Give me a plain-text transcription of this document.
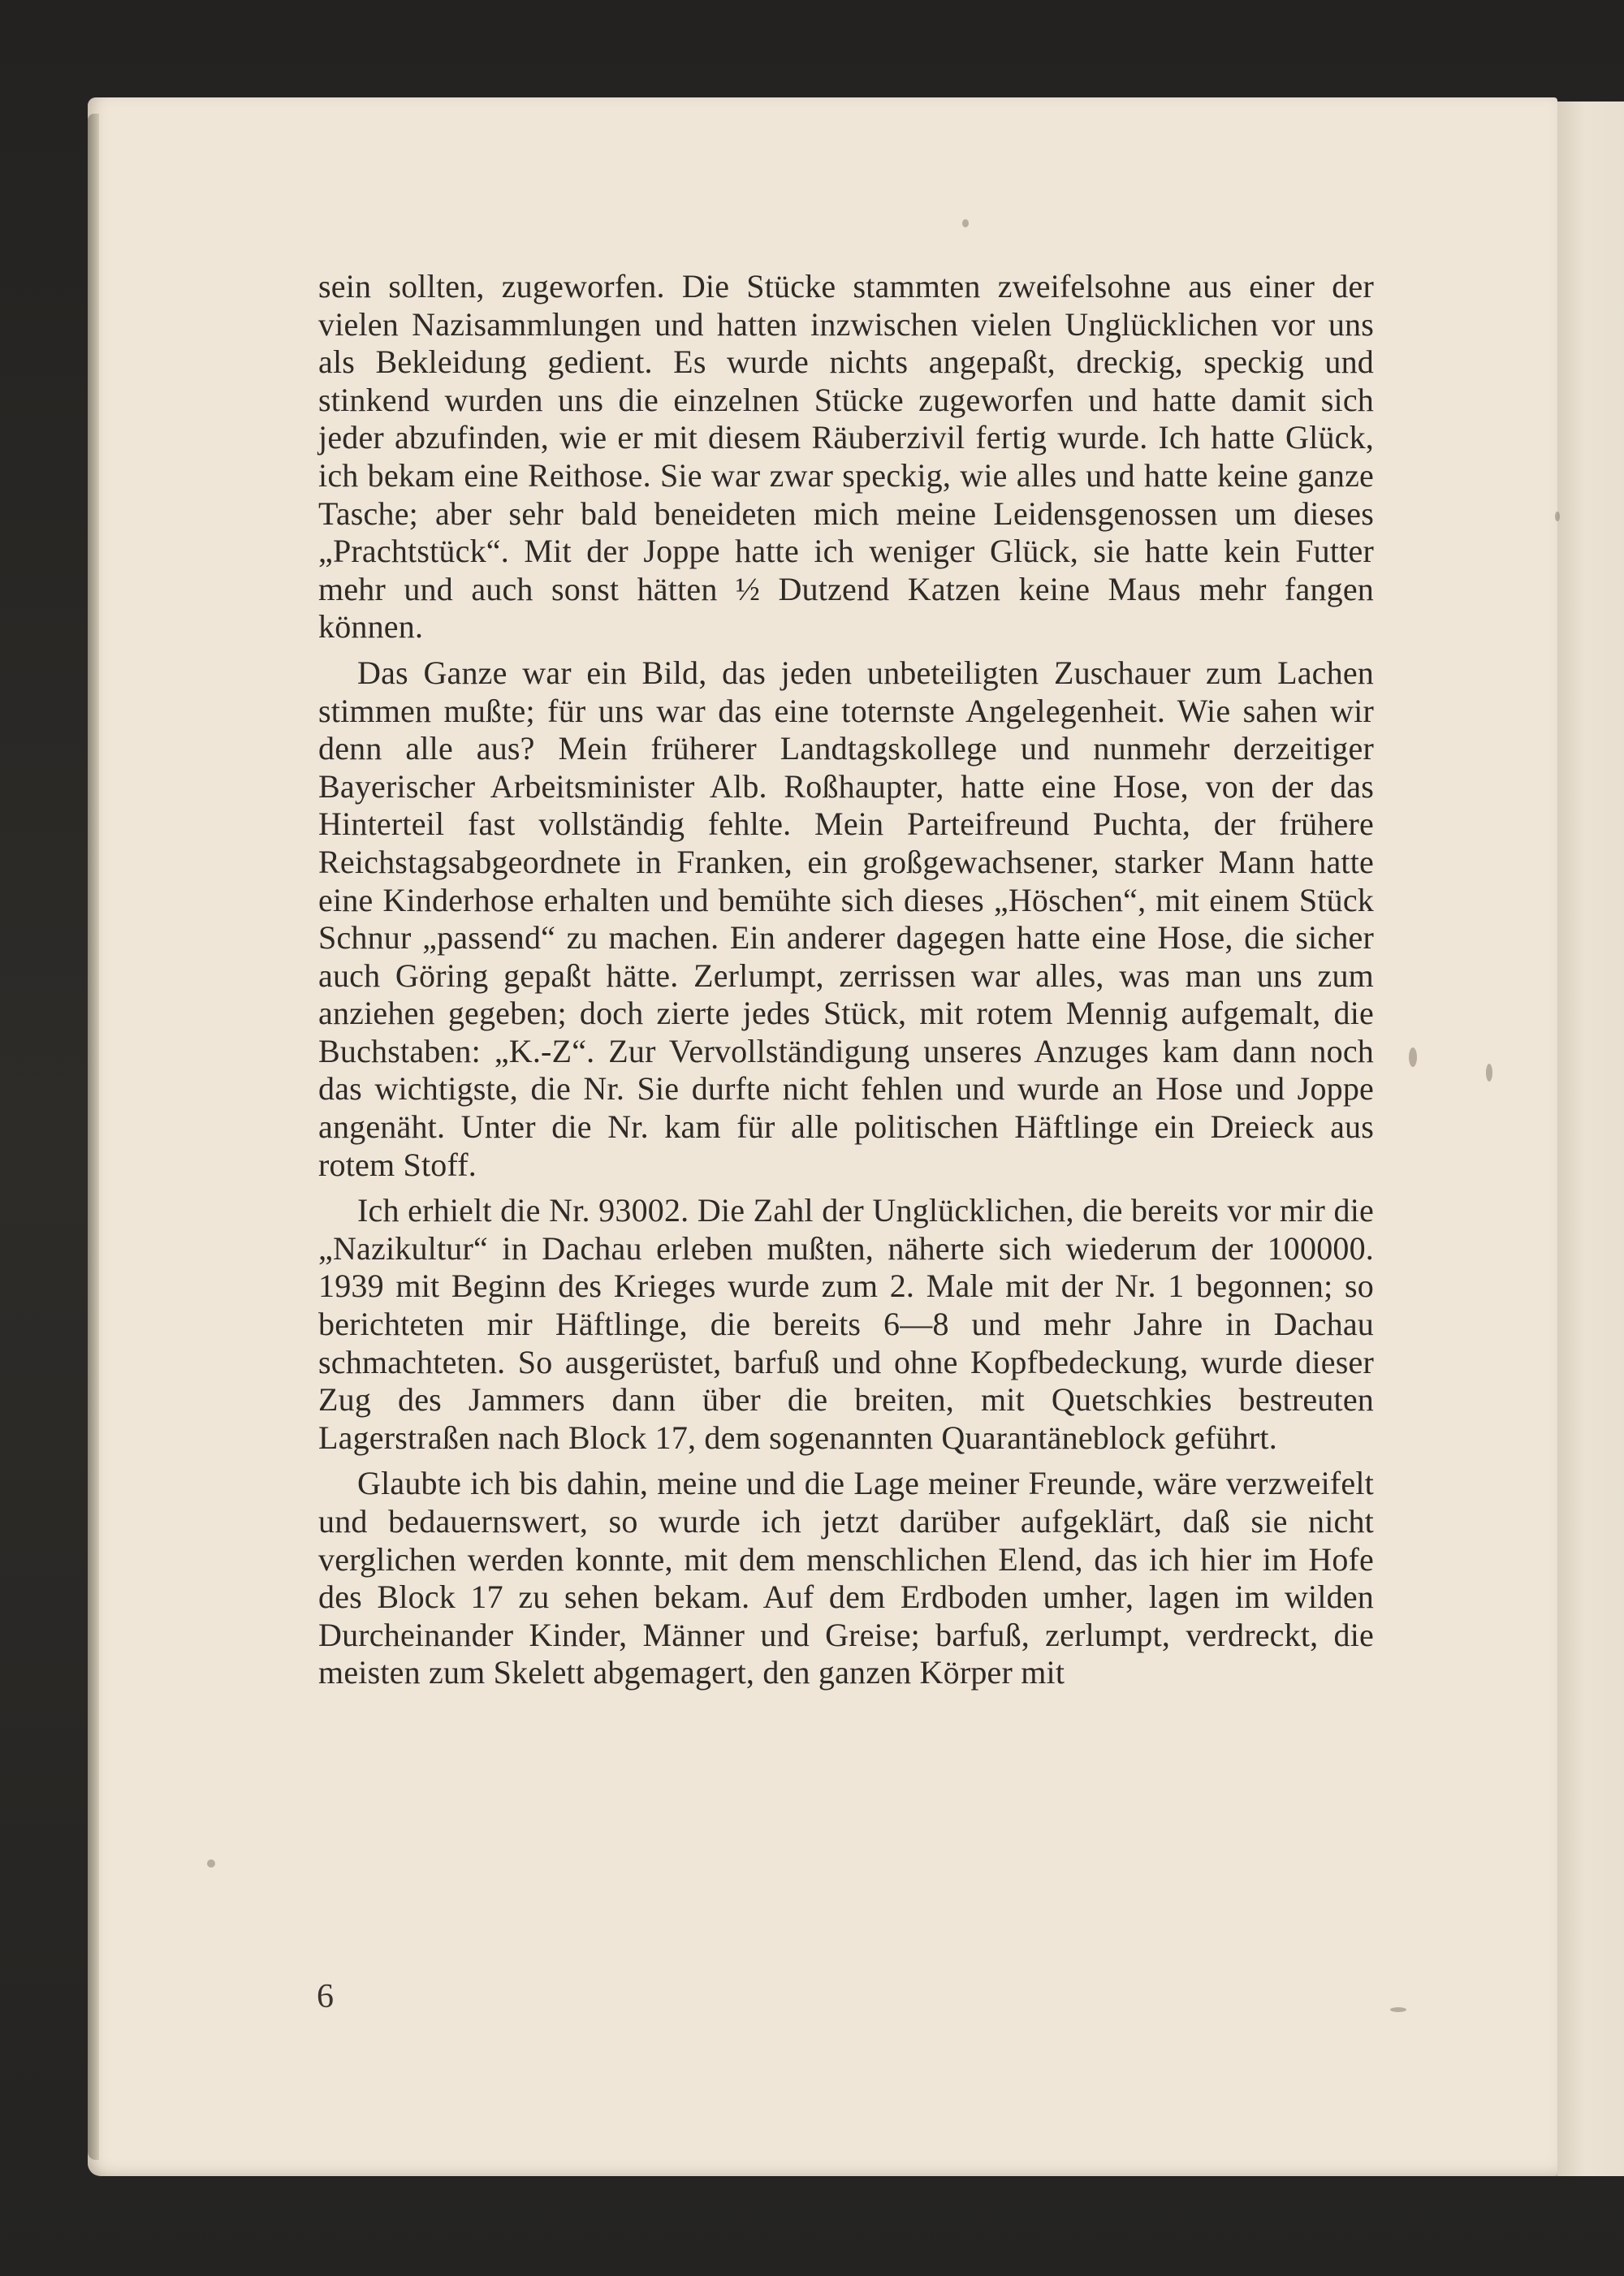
sein sollten, zugeworfen. Die Stücke stammten zweifelsohne aus einer der vielen Nazisammlungen und hatten inzwischen vielen Unglücklichen vor uns als Bekleidung gedient. Es wurde nichts angepaßt, dreckig, speckig und stinkend wurden uns die einzelnen Stücke zugeworfen und hatte damit sich jeder abzufinden, wie er mit diesem Räuberzivil fertig wurde. Ich hatte Glück, ich bekam eine Reithose. Sie war zwar speckig, wie alles und hatte keine ganze Tasche; aber sehr bald beneideten mich meine Leidensgenossen um dieses „Prachtstück“. Mit der Joppe hatte ich weniger Glück, sie hatte kein Futter mehr und auch sonst hätten ½ Dutzend Katzen keine Maus mehr fangen können.

Das Ganze war ein Bild, das jeden unbeteiligten Zuschauer zum Lachen stimmen mußte; für uns war das eine toternste Angelegenheit. Wie sahen wir denn alle aus? Mein früherer Landtagskollege und nunmehr derzeitiger Bayerischer Arbeitsminister Alb. Roßhaupter, hatte eine Hose, von der das Hinterteil fast vollständig fehlte. Mein Parteifreund Puchta, der frühere Reichstagsabgeordnete in Franken, ein großgewachsener, starker Mann hatte eine Kinderhose erhalten und bemühte sich dieses „Höschen“, mit einem Stück Schnur „passend“ zu machen. Ein anderer dagegen hatte eine Hose, die sicher auch Göring gepaßt hätte. Zerlumpt, zerrissen war alles, was man uns zum anziehen gegeben; doch zierte jedes Stück, mit rotem Mennig aufgemalt, die Buchstaben: „K.-Z“. Zur Vervollständigung unseres Anzuges kam dann noch das wichtigste, die Nr. Sie durfte nicht fehlen und wurde an Hose und Joppe angenäht. Unter die Nr. kam für alle politischen Häftlinge ein Dreieck aus rotem Stoff.

Ich erhielt die Nr. 93002. Die Zahl der Unglücklichen, die bereits vor mir die „Nazikultur“ in Dachau erleben mußten, näherte sich wiederum der 100000. 1939 mit Beginn des Krieges wurde zum 2. Male mit der Nr. 1 begonnen; so berichteten mir Häftlinge, die bereits 6—8 und mehr Jahre in Dachau schmachteten. So ausgerüstet, barfuß und ohne Kopfbedeckung, wurde dieser Zug des Jammers dann über die breiten, mit Quetschkies bestreuten Lagerstraßen nach Block 17, dem sogenannten Quarantäneblock geführt.

Glaubte ich bis dahin, meine und die Lage meiner Freunde, wäre verzweifelt und bedauernswert, so wurde ich jetzt darüber aufgeklärt, daß sie nicht verglichen werden konnte, mit dem menschlichen Elend, das ich hier im Hofe des Block 17 zu sehen bekam. Auf dem Erdboden umher, lagen im wilden Durcheinander Kinder, Männer und Greise; barfuß, zerlumpt, verdreckt, die meisten zum Skelett abgemagert, den ganzen Körper mit

6
